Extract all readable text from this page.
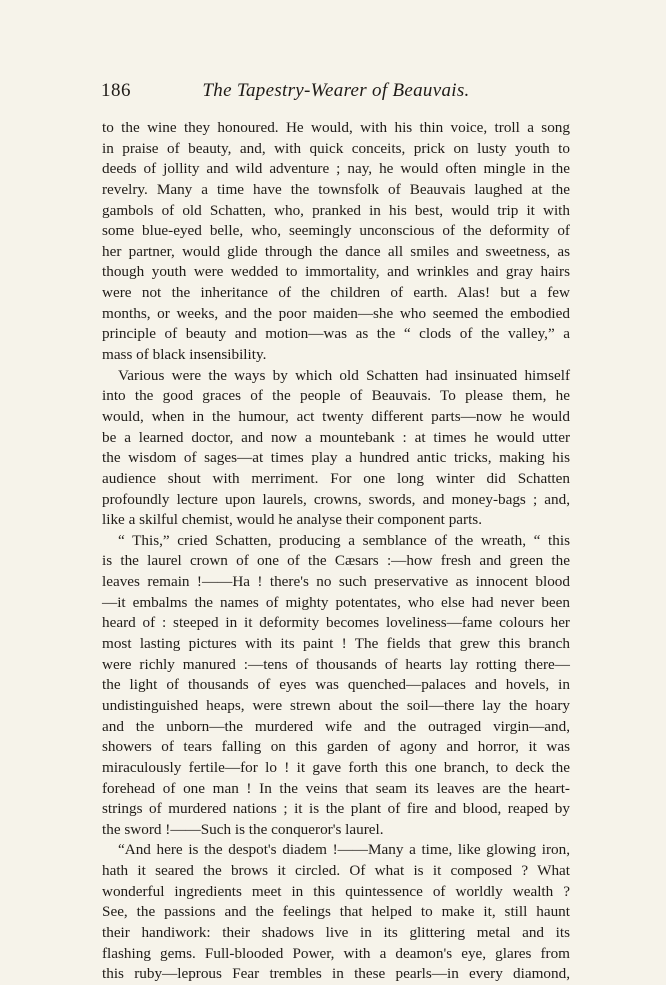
186	The Tapestry-Wearer of Beauvais.
to the wine they honoured. He would, with his thin voice, troll a song
in praise of beauty, and, with quick conceits, prick on lusty youth to
deeds of jollity and wild adventure ; nay, he would often mingle in the
revelry. Many a time have the townsfolk of Beauvais laughed at the
gambols of old Schatten, who, pranked in his best, would trip it with
some blue-eyed belle, who, seemingly unconscious of the deformity of
her partner, would glide through the dance all smiles and sweetness, as
though youth were wedded to immortality, and wrinkles and gray hairs
were not the inheritance of the children of earth. Alas! but a few
months, or weeks, and the poor maiden—she who seemed the embodied
principle of beauty and motion—was as the “ clods of the valley,” a
mass of black insensibility.
Various were the ways by which old Schatten had insinuated himself
into the good graces of the people of Beauvais. To please them, he
would, when in the humour, act twenty different parts—now he would
be a learned doctor, and now a mountebank : at times he would utter
the wisdom of sages—at times play a hundred antic tricks, making his
audience shout with merriment. For one long winter did Schatten
profoundly lecture upon laurels, crowns, swords, and money-bags ; and,
like a skilful chemist, would he analyse their component parts.
“ This,” cried Schatten, producing a semblance of the wreath, “ this
is the laurel crown of one of the Cæsars :—how fresh and green the
leaves remain !——Ha ! there's no such preservative as innocent blood
—it embalms the names of mighty potentates, who else had never been
heard of : steeped in it deformity becomes loveliness—fame colours her
most lasting pictures with its paint ! The fields that grew this branch
were richly manured :—tens of thousands of hearts lay rotting there—
the light of thousands of eyes was quenched—palaces and hovels, in
undistinguished heaps, were strewn about the soil—there lay the hoary
and the unborn—the murdered wife and the outraged virgin—and,
showers of tears falling on this garden of agony and horror, it was
miraculously fertile—for lo ! it gave forth this one branch, to deck the
forehead of one man ! In the veins that seam its leaves are the heart-
strings of murdered nations ; it is the plant of fire and blood, reaped by
the sword !——Such is the conqueror's laurel.
“And here is the despot's diadem !——Many a time, like glowing iron,
hath it seared the brows it circled. Of what is it composed ? What
wonderful ingredients meet in this quintessence of worldly wealth ?
See, the passions and the feelings that helped to make it, still haunt
their handiwork: their shadows live in its glittering metal and its
flashing gems. Full-blooded Power, with a deamon's eye, glares from
this ruby—leprous Fear trembles in these pearls—in every diamond,
